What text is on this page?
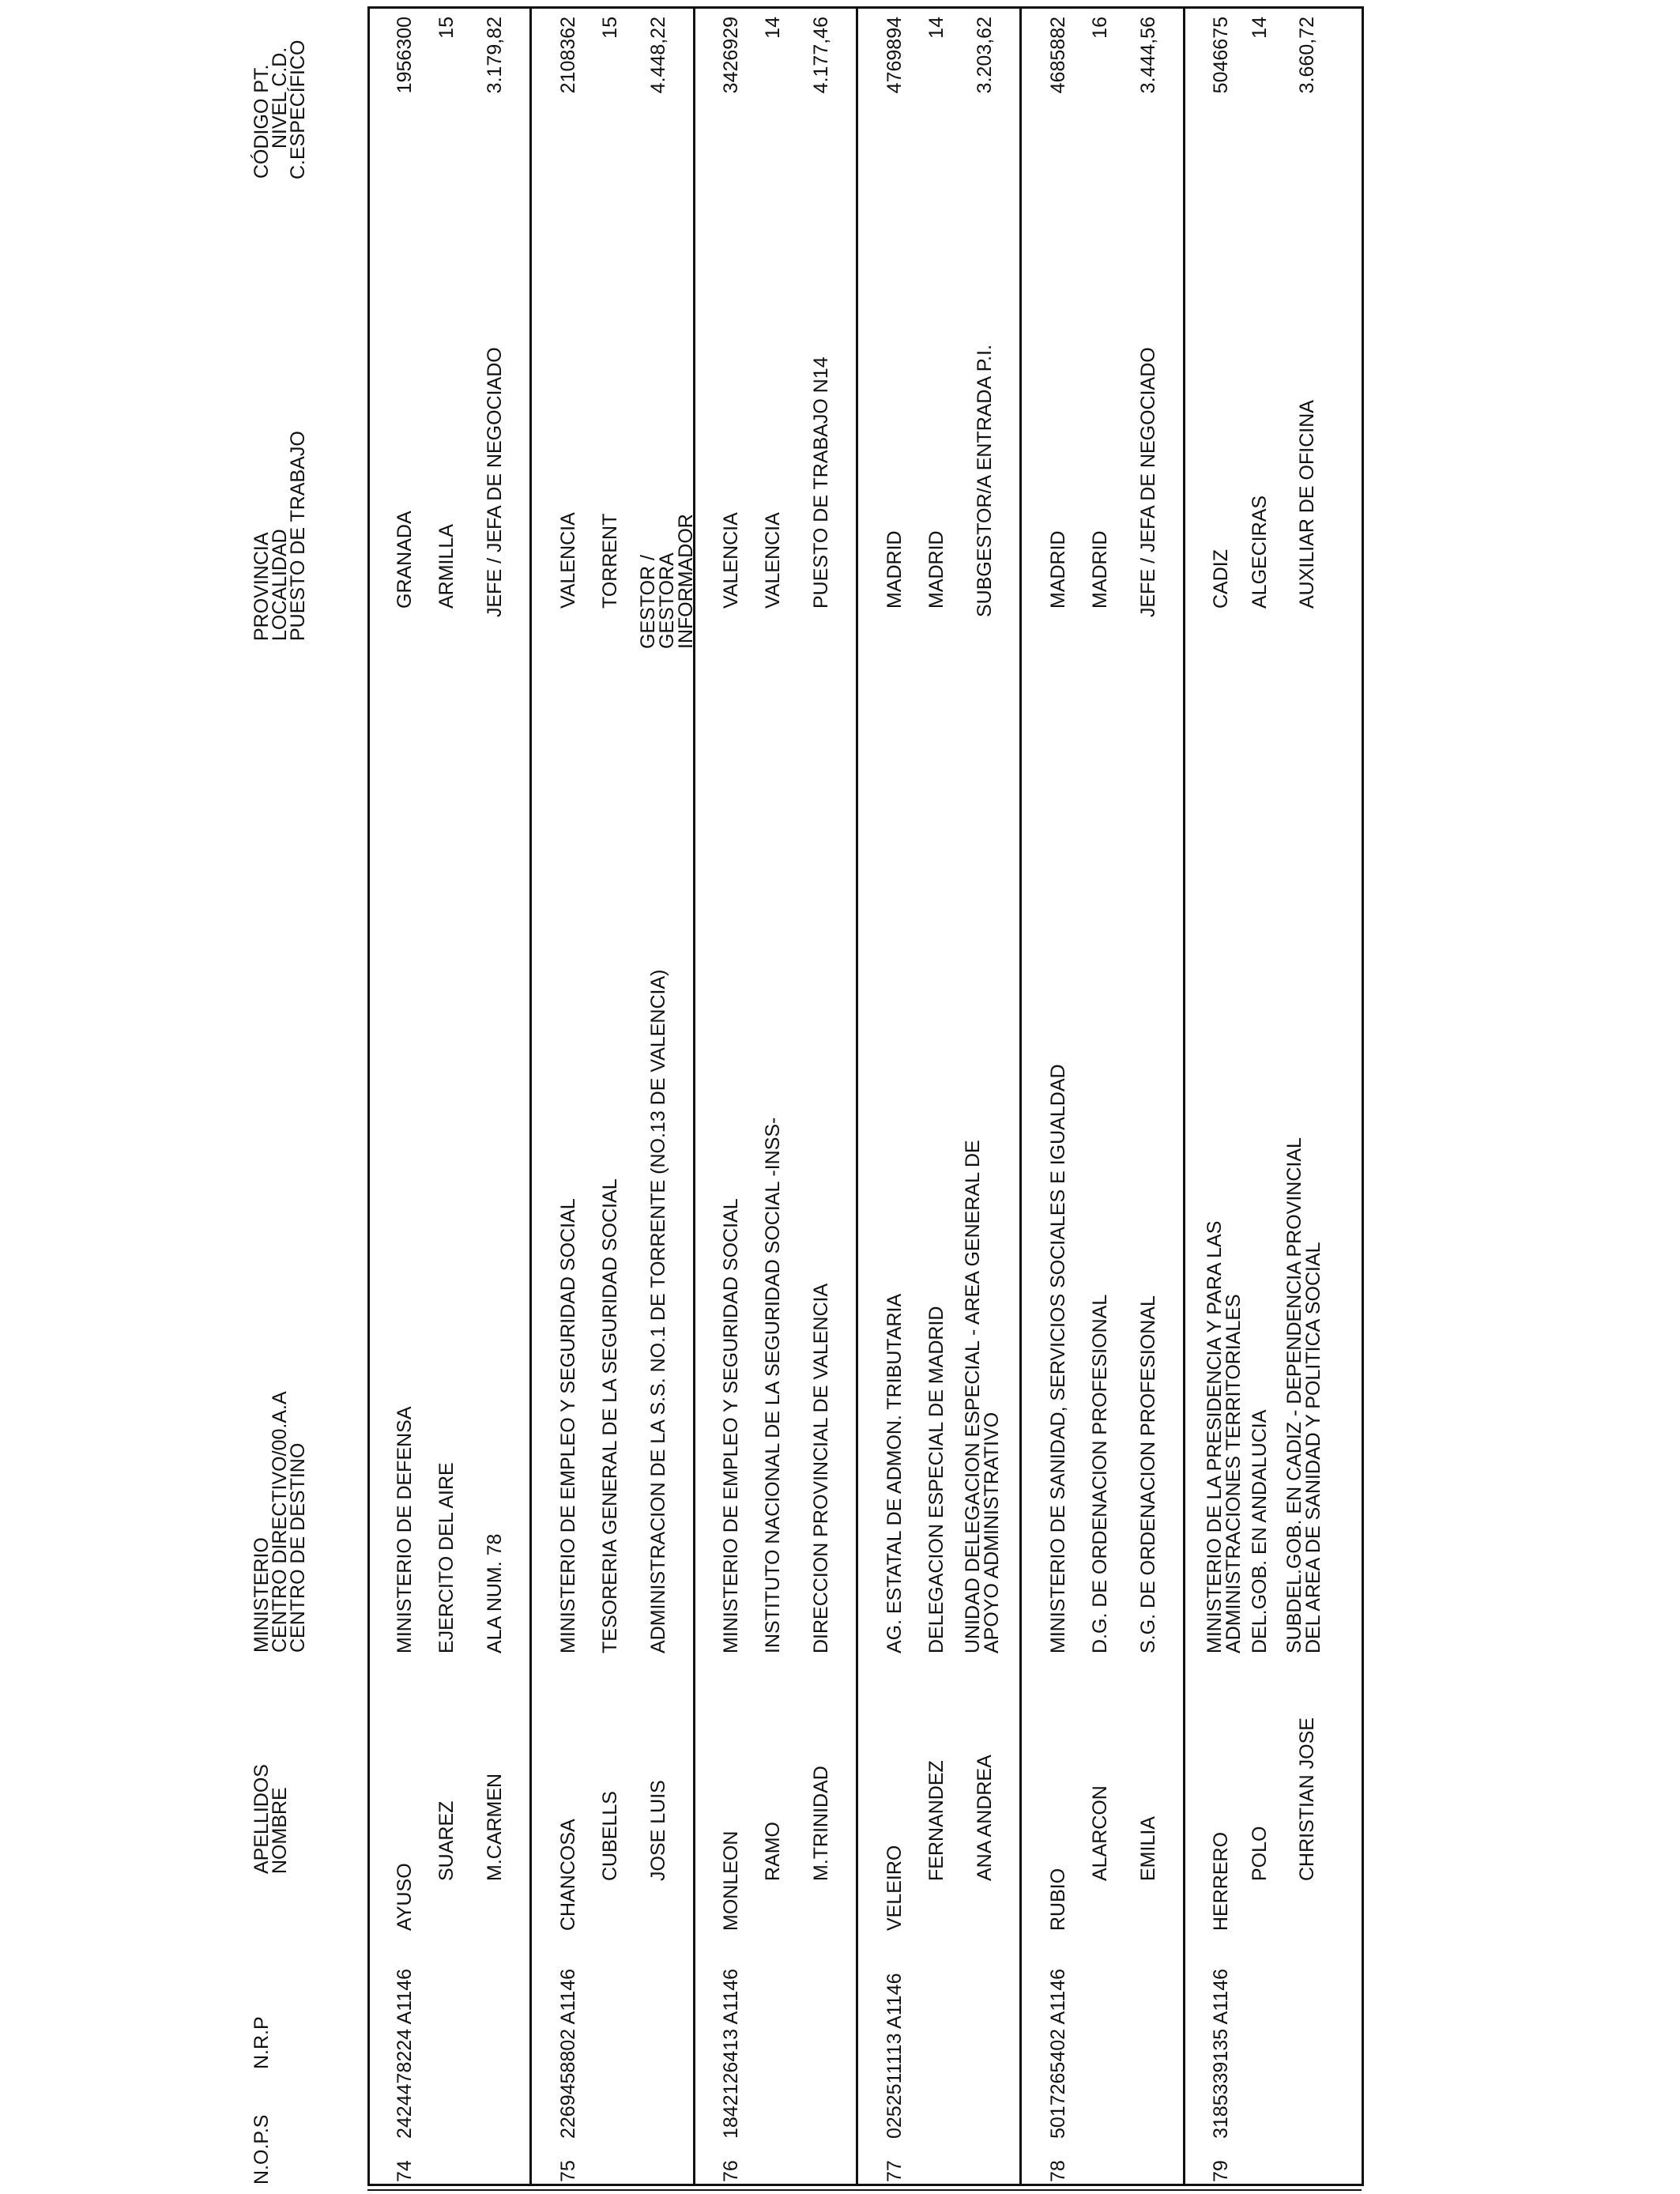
N.O.P.S
N.R.P
APELLIDOS
NOMBRE
MINISTERIO
CENTRO DIRECTIVO/00.A.A
CENTRO DE DESTINO
PROVINCIA
LOCALIDAD
PUESTO DE TRABAJO
CÓDIGO PT.
NIVEL C.D.
C.ESPECÍFICO
74
2424478224 A1146
AYUSO
SUAREZ M.CARMEN
MINISTERIO DE DEFENSA EJERCITO DEL AIRE ALA NUM. 78
GRANADA ARMILLA JEFE / JEFA DE NEGOCIADO
1956300 15 3.179,82
75
2269458802 A1146
CHANCOSA CUBELLS JOSE LUIS
MINISTERIO DE EMPLEO Y SEGURIDAD SOCIAL TESORERIA GENERAL DE LA SEGURIDAD SOCIAL ADMINISTRACION DE LA S.S. NO.1 DE TORRENTE (NO.13 DE VALENCIA)
VALENCIA TORRENT GESTOR / GESTORA INFORMADOR
2108362 15 4.448,22
76
1842126413 A1146
MONLEON RAMO M.TRINIDAD
MINISTERIO DE EMPLEO Y SEGURIDAD SOCIAL INSTITUTO NACIONAL DE LA SEGURIDAD SOCIAL -INSS- DIRECCION PROVINCIAL DE VALENCIA
VALENCIA VALENCIA PUESTO DE TRABAJO N14
3426929 14 4.177,46
77
0252511113 A1146
VELEIRO
FERNANDEZ ANA ANDREA
AG. ESTATAL DE ADMON. TRIBUTARIA DELEGACION ESPECIAL DE MADRID UNIDAD DELEGACION ESPECIAL - AREA GENERAL DE APOYO ADMINISTRATIVO
MADRID MADRID SUBGESTOR/A ENTRADA P.I.
4769894 14 3.203,62
78
5017265402 A1146
RUBIO
ALARCON EMILIA
MINISTERIO DE SANIDAD, SERVICIOS SOCIALES E IGUALDAD D.G. DE ORDENACION PROFESIONAL S.G. DE ORDENACION PROFESIONAL
MADRID MADRID JEFE / JEFA DE NEGOCIADO
4685882 16 3.444,56
79
3185339135 A1146
HERRERO POLO CHRISTIAN JOSE
MINISTERIO DE LA PRESIDENCIA Y PARA LAS ADMINISTRACIONES TERRITORIALES DEL.GOB. EN ANDALUCIA SUBDEL.GOB. EN CADIZ - DEPENDENCIA PROVINCIAL DEL AREA DE SANIDAD Y POLITICA SOCIAL
CADIZ ALGECIRAS AUXILIAR DE OFICINA
5046675 14 3.660,72
